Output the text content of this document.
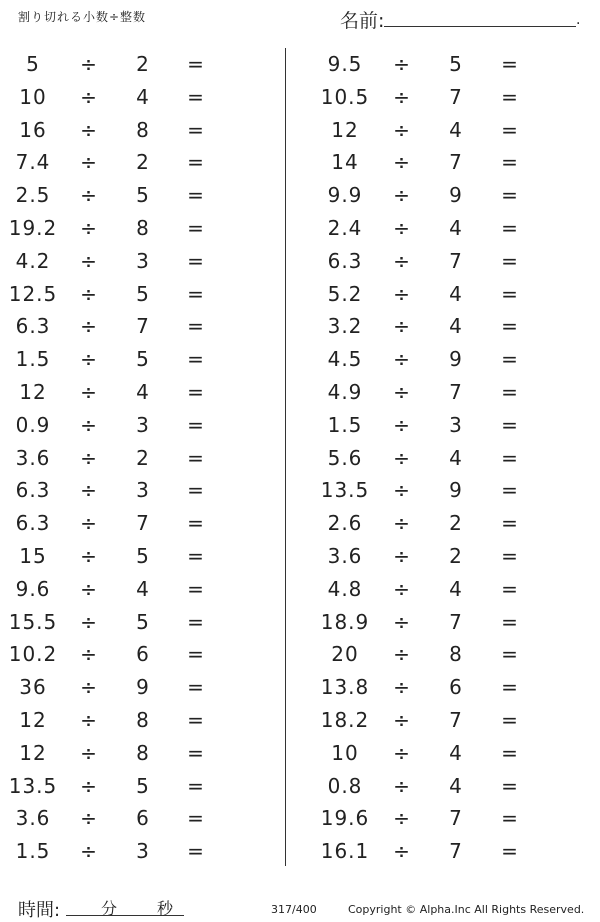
割り切れる小数÷整数	名前:	.
5	÷	2	=
10	÷	4	=
16	÷	8	=
7.4	÷	2	=
2.5	÷	5	=
19.2 ÷	8	=
4.2	÷	3	=
12.5 ÷	5	=
6.3	÷	7	=
1.5	÷	5	=
12	÷	4	=
0.9	÷	3	=
3.6	÷	2	=
6.3	÷	3	=
6.3	÷	7	=
15	÷	5	=
9.6	÷	4	=
15.5 ÷	5	=
10.2 ÷	6	=
36	÷	9	=
12	÷	8	=
12	÷	8	=
13.5 ÷	5	=
3.6	÷	6	=
1.5	÷	3	=
9.5	÷	5	=
10.5 ÷	7	=
12	÷	4	=
14	÷	7	=
9.9	÷	9	=
2.4	÷	4	=
6.3	÷	7	=
5.2	÷	4	=
3.2	÷	4	=
4.5	÷	9	=
4.9	÷	7	=
1.5	÷	3	=
5.6	÷	4	=
13.5 ÷	9	=
2.6	÷	2	=
3.6	÷	2	=
4.8	÷	4	=
18.9 ÷	7	=
20	÷	8	=
13.8 ÷	6	=
18.2 ÷	7	=
10	÷	4	=
0.8	÷	4	=
19.6 ÷	7	=
16.1 ÷	7	=
時間:	分 秒	317/400	Copyright © Alpha.Inc All Rights Reserved.
